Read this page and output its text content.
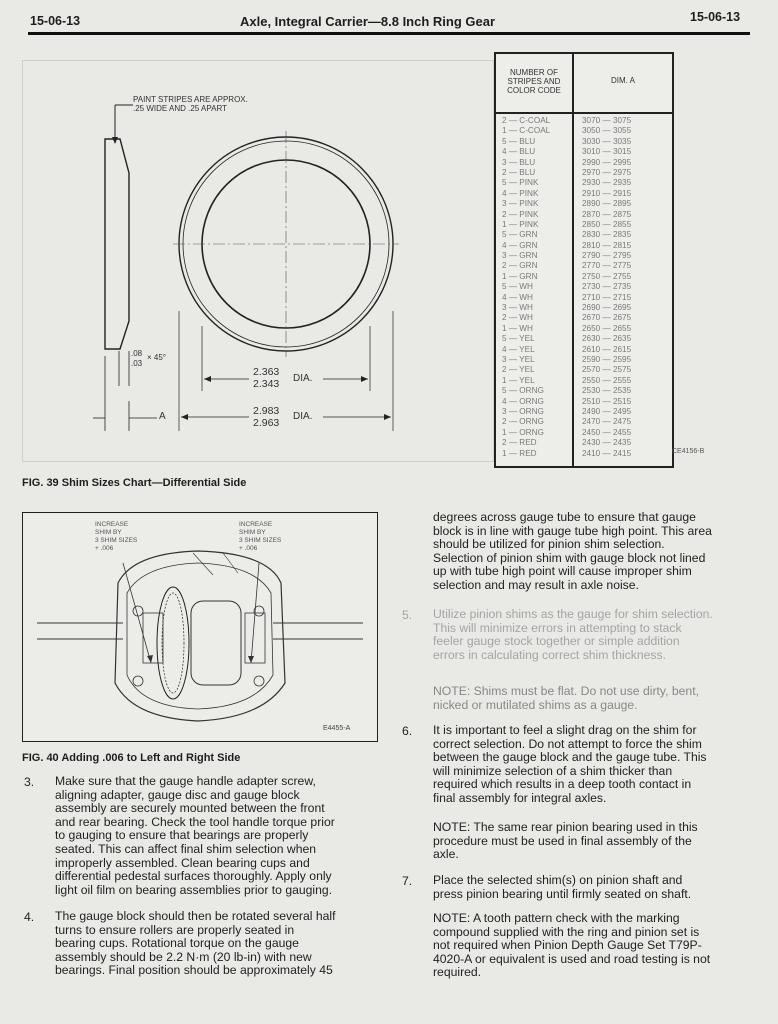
15-06-13	Axle, Integral Carrier—8.8 Inch Ring Gear	15-06-13
PAINT STRIPES ARE APPROX.
.25 WIDE AND .25 APART
.08
.03
× 45°
2.363
2.343 DIA.
2.983
2.963
DIA.
A
NUMBER OF
STRIPES AND
COLOR CODE
DIM. A
2 — C-COAL	3070 — 3075
1 — C-COAL	3050 — 3055
5 — BLU	3030 — 3035
4 — BLU	3010 — 3015
3 — BLU	2990 — 2995
2 — BLU	2970 — 2975
5 — PINK	2930 — 2935
4 — PINK	2910 — 2915
3 — PINK	2890 — 2895
2 — PINK	2870 — 2875
1 — PINK	2850 — 2855
5 — GRN	2830 — 2835
4 — GRN	2810 — 2815
3 — GRN	2790 — 2795
2 — GRN	2770 — 2775
1 — GRN	2750 — 2755
5 — WH	2730 — 2735
4 — WH	2710 — 2715
3 — WH	2690 — 2695
2 — WH	2670 — 2675
1 — WH	2650 — 2655
5 — YEL	2630 — 2635
4 — YEL	2610 — 2615
3 — YEL	2590 — 2595
2 — YEL	2570 — 2575
1 — YEL	2550 — 2555
5 — ORNG	2530 — 2535
4 — ORNG	2510 — 2515
3 — ORNG	2490 — 2495
2 — ORNG	2470 — 2475
1 — ORNG	2450 — 2455
2 — RED	2430 — 2435
1 — RED	2410 — 2415	CE4156-B
FIG. 39 Shim Sizes Chart—Differential Side
INCREASE
SHIM BY
3 SHIM SIZES
+ .006
INCREASE
SHIM BY
3 SHIM SIZES
+ .006
E4455-A
FIG. 40 Adding .006 to Left and Right Side
3. Make sure that the gauge handle adapter screw,
aligning adapter, gauge disc and gauge block
assembly are securely mounted between the front
and rear bearing. Check the tool handle torque prior
to gauging to ensure that bearings are properly
seated. This can affect final shim selection when
improperly assembled. Clean bearing cups and
differential pedestal surfaces thoroughly. Apply only
light oil film on bearing assemblies prior to gauging.
4. The gauge block should then be rotated several half
turns to ensure rollers are properly seated in
bearing cups. Rotational torque on the gauge
assembly should be 2.2 N·m (20 lb-in) with new
bearings. Final position should be approximately 45
degrees across gauge tube to ensure that gauge
block is in line with gauge tube high point. This area
should be utilized for pinion shim selection.
Selection of pinion shim with gauge block not lined
up with tube high point will cause improper shim
selection and may result in axle noise.
5. Utilize pinion shims as the gauge for shim selection.
This will minimize errors in attempting to stack
feeler gauge stock together or simple addition
errors in calculating correct shim thickness.
NOTE: Shims must be flat. Do not use dirty, bent,
nicked or mutilated shims as a gauge.
6. It is important to feel a slight drag on the shim for
correct selection. Do not attempt to force the shim
between the gauge block and the gauge tube. This
will minimize selection of a shim thicker than
required which results in a deep tooth contact in
final assembly for integral axles.
NOTE: The same rear pinion bearing used in this
procedure must be used in final assembly of the
axle.
7. Place the selected shim(s) on pinion shaft and
press pinion bearing until firmly seated on shaft.
NOTE: A tooth pattern check with the marking
compound supplied with the ring and pinion set is
not required when Pinion Depth Gauge Set T79P-
4020-A or equivalent is used and road testing is not
required.
